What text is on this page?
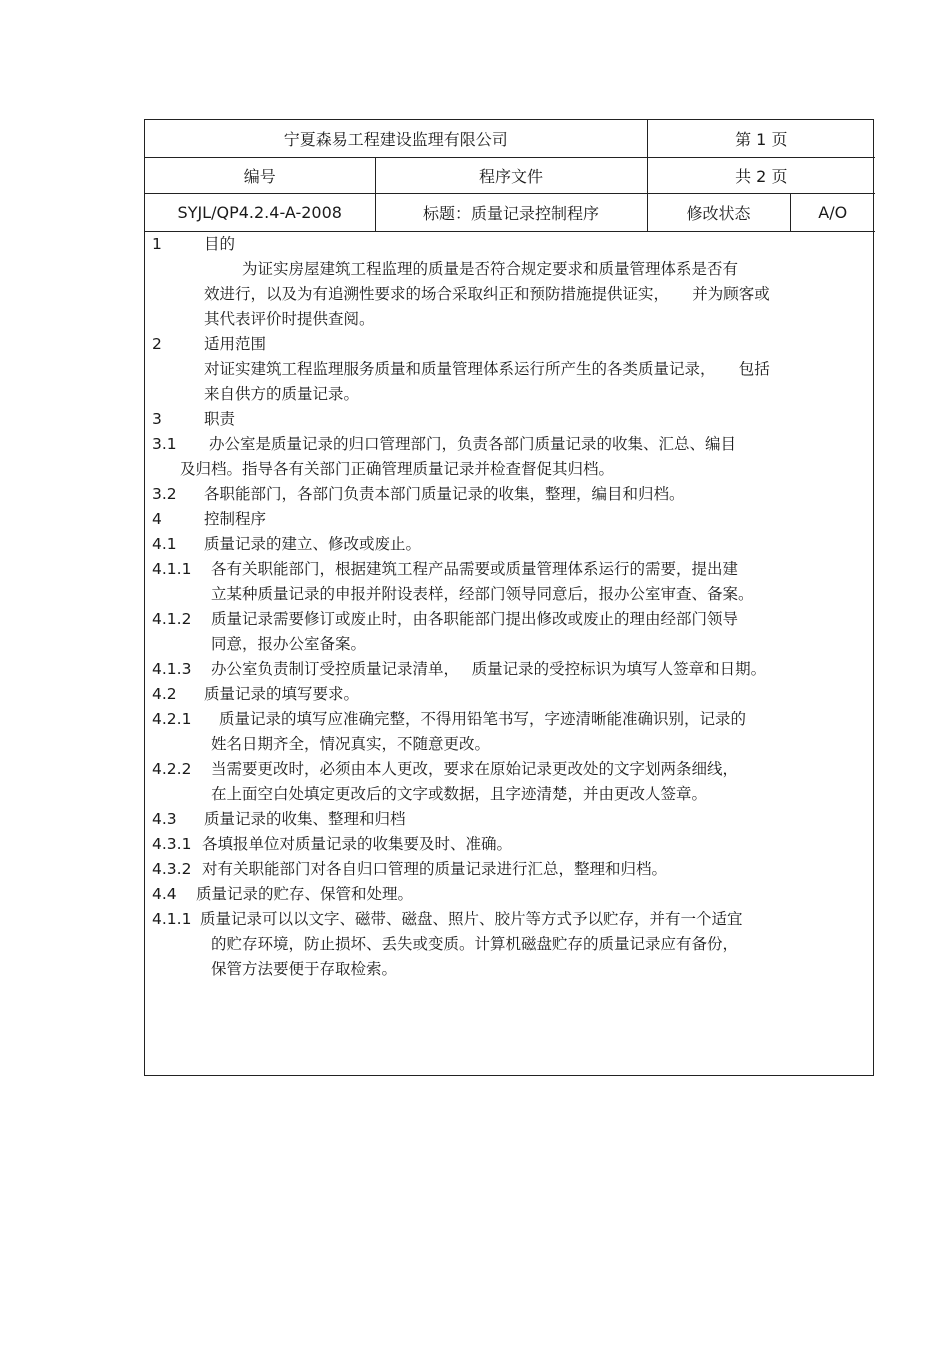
宁夏森易工程建设监理有限公司		第 1 页	
编号	程序文件	共 2 页	
SYJL/QP4.2.4-A-2008	标题：质量记录控制程序	修改状态	A/O
1	目的
为证实房屋建筑工程监理的质量是否符合规定要求和质量管理体系是否有
效进行，以及为有追溯性要求的场合采取纠正和预防措施提供证实，　　并为顾客或
其代表评价时提供查阅。
2	适用范围
对证实建筑工程监理服务质量和质量管理体系运行所产生的各类质量记录，　　包括
来自供方的质量记录。
3	职责
3.1 办公室是质量记录的归口管理部门，负责各部门质量记录的收集、汇总、编目
及归档。指导各有关部门正确管理质量记录并检查督促其归档。
3.2 各职能部门，各部门负责本部门质量记录的收集，整理，编目和归档。
4	控制程序
4.1 质量记录的建立、修改或废止。
4.1.1 各有关职能部门，根据建筑工程产品需要或质量管理体系运行的需要，提出建
立某种质量记录的申报并附设表样，经部门领导同意后，报办公室审查、备案。
4.1.2 质量记录需要修订或废止时，由各职能部门提出修改或废止的理由经部门领导
同意，报办公室备案。
4.1.3 办公室负责制订受控质量记录清单，　 质量记录的受控标识为填写人签章和日期。
4.2 质量记录的填写要求。
4.2.1 质量记录的填写应准确完整，不得用铅笔书写，字迹清晰能准确识别，记录的
姓名日期齐全，情况真实，不随意更改。
4.2.2 当需要更改时，必须由本人更改，要求在原始记录更改处的文字划两条细线，
在上面空白处填定更改后的文字或数据，且字迹清楚，并由更改人签章。
4.3 质量记录的收集、整理和归档
4.3.1 各填报单位对质量记录的收集要及时、准确。
4.3.2 对有关职能部门对各自归口管理的质量记录进行汇总，整理和归档。
4.4 质量记录的贮存、保管和处理。
4.1.1 质量记录可以以文字、磁带、磁盘、照片、胶片等方式予以贮存，并有一个适宜
的贮存环境，防止损坏、丢失或变质。计算机磁盘贮存的质量记录应有备份，
保管方法要便于存取检索。
